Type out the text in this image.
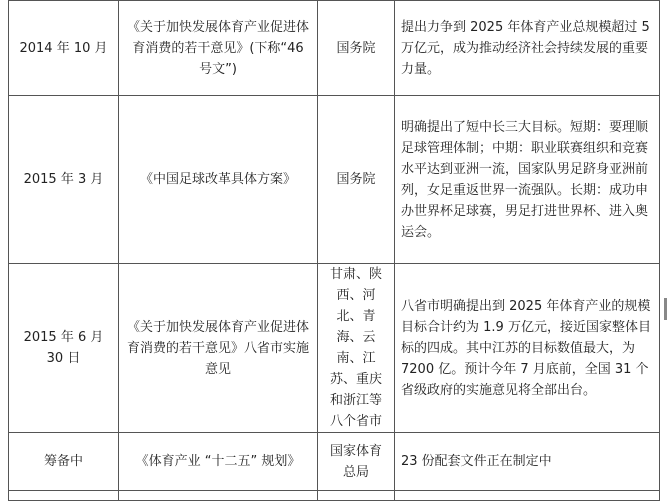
2014 年 10 月	《关于加快发展体育产业促进体育消费的若干意见》(下称“46 号文”)	国务院	提出力争到 2025 年体育产业总规模超过 5 万亿元，成为推动经济社会持续发展的重要力量。
2015 年 3 月	《中国足球改革具体方案》	国务院	明确提出了短中长三大目标。短期：要理顺足球管理体制；中期：职业联赛组织和竞赛水平达到亚洲一流，国家队男足跻身亚洲前列，女足重返世界一流强队。长期：成功申办世界杯足球赛，男足打进世界杯、进入奥运会。
2015 年 6 月 30 日	《关于加快发展体育产业促进体育消费的若干意见》八省市实施意见	甘肃、陕西、河北、青海、云南、江苏、重庆和浙江等八个省市	八省市明确提出到 2025 年体育产业的规模目标合计约为 1.9 万亿元，接近国家整体目标的四成。其中江苏的目标数值最大，为 7200 亿。预计今年 7 月底前，全国 31 个省级政府的实施意见将全部出台。
筹备中	《体育产业 “十二五” 规划》	国家体育总局	23 份配套文件正在制定中
